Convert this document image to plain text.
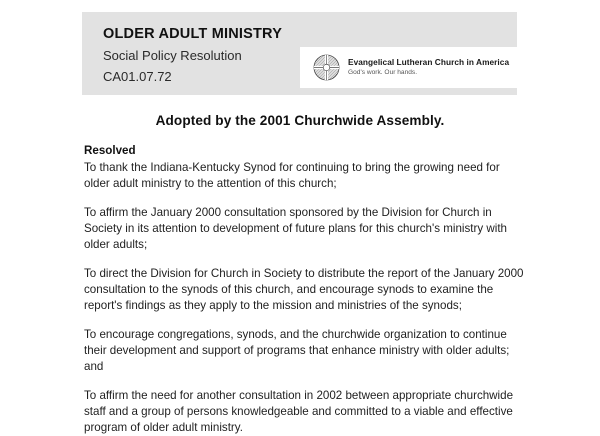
OLDER ADULT MINISTRY
Social Policy Resolution
CA01.07.72
Evangelical Lutheran Church in America
God's work. Our hands.
Adopted by the 2001 Churchwide Assembly.
Resolved

To thank the Indiana-Kentucky Synod for continuing to bring the growing need for older adult ministry to the attention of this church;

To affirm the January 2000 consultation sponsored by the Division for Church in Society in its attention to development of future plans for this church's ministry with older adults;

To direct the Division for Church in Society to distribute the report of the January 2000 consultation to the synods of this church, and encourage synods to examine the report's findings as they apply to the mission and ministries of the synods;

To encourage congregations, synods, and the churchwide organization to continue their development and support of programs that enhance ministry with older adults; and

To affirm the need for another consultation in 2002 between appropriate churchwide staff and a group of persons knowledgeable and committed to a viable and effective program of older adult ministry.
